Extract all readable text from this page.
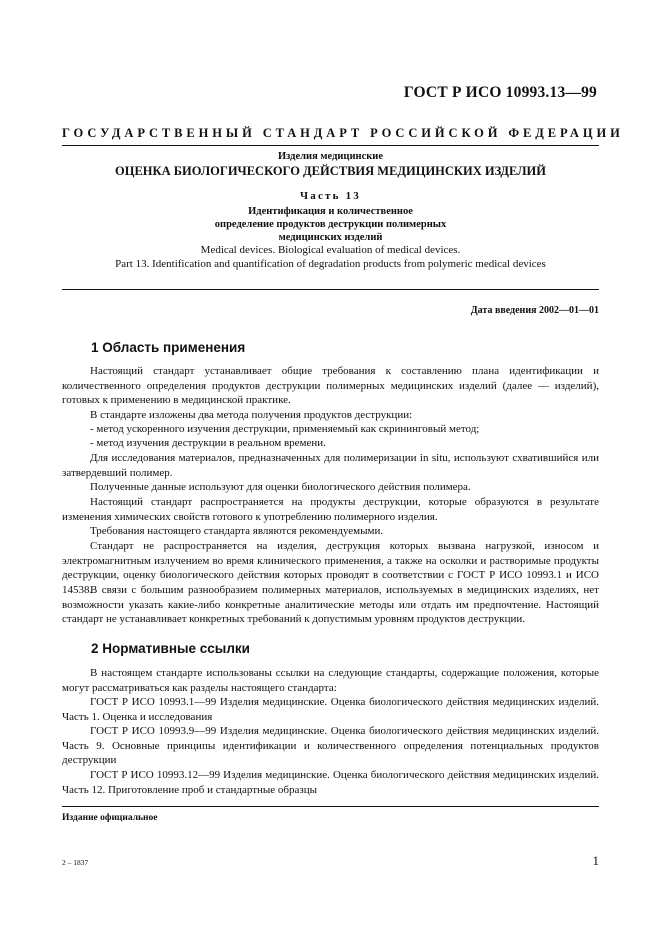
ГОСТ Р ИСО 10993.13—99
ГОСУДАРСТВЕННЫЙ СТАНДАРТ РОССИЙСКОЙ ФЕДЕРАЦИИ
Изделия медицинские
ОЦЕНКА БИОЛОГИЧЕСКОГО ДЕЙСТВИЯ МЕДИЦИНСКИХ ИЗДЕЛИЙ
Часть 13
Идентификация и количественное
определение продуктов деструкции полимерных
медицинских изделий
Medical devices. Biological evaluation of medical devices.
Part 13. Identification and quantification of degradation products from polymeric medical devices
Дата введения 2002—01—01
1 Область применения

Настоящий стандарт устанавливает общие требования к составлению плана идентификации и количественного определения продуктов деструкции полимерных медицинских изделий (далее — изделий), готовых к применению в медицинской практике.

В стандарте изложены два метода получения продуктов деструкции:

- метод ускоренного изучения деструкции, применяемый как скрининговый метод;
- метод изучения деструкции в реальном времени.

Для исследования материалов, предназначенных для полимеризации in situ, используют схватившийся или затвердевший полимер.

Полученные данные используют для оценки биологического действия полимера.

Настоящий стандарт распространяется на продукты деструкции, которые образуются в результате изменения химических свойств готового к употреблению полимерного изделия.

Требования настоящего стандарта являются рекомендуемыми.

Стандарт не распространяется на изделия, деструкция которых вызвана нагрузкой, износом и электромагнитным излучением во время клинического применения, а также на осколки и растворимые продукты деструкции, оценку биологического действия которых проводят в соответствии с ГОСТ Р ИСО 10993.1 и ИСО 14538.

В связи с большим разнообразием полимерных материалов, используемых в медицинских изделиях, нет возможности указать какие-либо конкретные аналитические методы или отдать им предпочтение. Настоящий стандарт не устанавливает конкретных требований к допустимым уровням продуктов деструкции.

2 Нормативные ссылки

В настоящем стандарте использованы ссылки на следующие стандарты, содержащие положения, которые могут рассматриваться как разделы настоящего стандарта:

ГОСТ Р ИСО 10993.1—99 Изделия медицинские. Оценка биологического действия медицинских изделий. Часть 1. Оценка и исследования

ГОСТ Р ИСО 10993.9—99 Изделия медицинские. Оценка биологического действия медицинских изделий. Часть 9. Основные принципы идентификации и количественного определения потенциальных продуктов деструкции

ГОСТ Р ИСО 10993.12—99 Изделия медицинские. Оценка биологического действия медицинских изделий. Часть 12. Приготовление проб и стандартные образцы

Издание официальное
2 – 1837	1
